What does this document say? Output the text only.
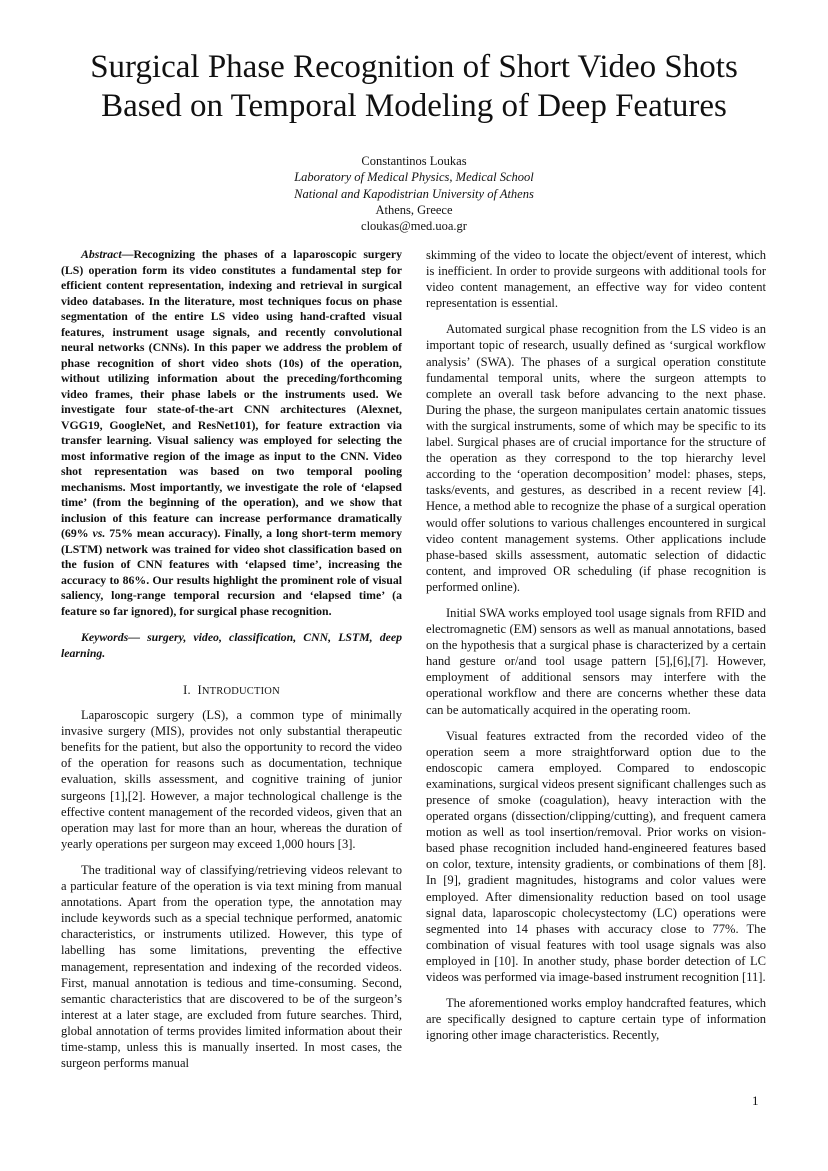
Surgical Phase Recognition of Short Video Shots
Based on Temporal Modeling of Deep Features
Constantinos Loukas
Laboratory of Medical Physics, Medical School
National and Kapodistrian University of Athens
Athens, Greece
cloukas@med.uoa.gr

Abstract—Recognizing the phases of a laparoscopic surgery (LS) operation form its video constitutes a fundamental step for efficient content representation, indexing and retrieval in surgical video databases. In the literature, most techniques focus on phase segmentation of the entire LS video using hand-crafted visual features, instrument usage signals, and recently convolutional neural networks (CNNs). In this paper we address the problem of phase recognition of short video shots (10s) of the operation, without utilizing information about the preceding/forthcoming video frames, their phase labels or the instruments used. We investigate four state-of-the-art CNN architectures (Alexnet, VGG19, GoogleNet, and ResNet101), for feature extraction via transfer learning. Visual saliency was employed for selecting the most informative region of the image as input to the CNN. Video shot representation was based on two temporal pooling mechanisms. Most importantly, we investigate the role of ‘elapsed time’ (from the beginning of the operation), and we show that inclusion of this feature can increase performance dramatically (69% vs. 75% mean accuracy). Finally, a long short-term memory (LSTM) network was trained for video shot classification based on the fusion of CNN features with ‘elapsed time’, increasing the accuracy to 86%. Our results highlight the prominent role of visual saliency, long-range temporal recursion and ‘elapsed time’ (a feature so far ignored), for surgical phase recognition.

Keywords— surgery, video, classification, CNN, LSTM, deep learning.

I. INTRODUCTION

Laparoscopic surgery (LS), a common type of minimally invasive surgery (MIS), provides not only substantial therapeutic benefits for the patient, but also the opportunity to record the video of the operation for reasons such as documentation, technique evaluation, skills assessment, and cognitive training of junior surgeons [1],[2]. However, a major technological challenge is the effective content management of the recorded videos, given that an operation may last for more than an hour, whereas the duration of yearly operations per surgeon may exceed 1,000 hours [3].

The traditional way of classifying/retrieving videos relevant to a particular feature of the operation is via text mining from manual annotations. Apart from the operation type, the annotation may include keywords such as a special technique performed, anatomic characteristics, or instruments utilized. However, this type of labelling has some limitations, preventing the effective management, representation and indexing of the recorded videos. First, manual annotation is tedious and time-consuming. Second, semantic characteristics that are discovered to be of the surgeon’s interest at a later stage, are excluded from future searches. Third, global annotation of terms provides limited information about their time-stamp, unless this is manually inserted. In most cases, the surgeon performs manual

skimming of the video to locate the object/event of interest, which is inefficient. In order to provide surgeons with additional tools for video content management, an effective way for video content representation is essential.

Automated surgical phase recognition from the LS video is an important topic of research, usually defined as ‘surgical workflow analysis’ (SWA). The phases of a surgical operation constitute fundamental temporal units, where the surgeon attempts to complete an overall task before advancing to the next phase. During the phase, the surgeon manipulates certain anatomic tissues with the surgical instruments, some of which may be specific to its label. Surgical phases are of crucial importance for the structure of the operation as they correspond to the top hierarchy level according to the ‘operation decomposition’ model: phases, steps, tasks/events, and gestures, as described in a recent review [4]. Hence, a method able to recognize the phase of a surgical operation would offer solutions to various challenges encountered in surgical video content management systems. Other applications include phase-based skills assessment, automatic selection of didactic content, and improved OR scheduling (if phase recognition is performed online).

Initial SWA works employed tool usage signals from RFID and electromagnetic (EM) sensors as well as manual annotations, based on the hypothesis that a surgical phase is characterized by a certain hand gesture or/and tool usage pattern [5],[6],[7]. However, employment of additional sensors may interfere with the operational workflow and there are concerns whether these data can be automatically acquired in the operating room.

Visual features extracted from the recorded video of the operation seem a more straightforward option due to the endoscopic camera employed. Compared to endoscopic examinations, surgical videos present significant challenges such as presence of smoke (coagulation), heavy interaction with the operated organs (dissection/clipping/cutting), and frequent camera motion as well as tool insertion/removal. Prior works on vision-based phase recognition included hand-engineered features based on color, texture, intensity gradients, or combinations of them [8]. In [9], gradient magnitudes, histograms and color values were employed. After dimensionality reduction based on tool usage signal data, laparoscopic cholecystectomy (LC) operations were segmented into 14 phases with accuracy close to 77%. The combination of visual features with tool usage signals was also employed in [10]. In another study, phase border detection of LC videos was performed via image-based instrument recognition [11].

The aforementioned works employ handcrafted features, which are specifically designed to capture certain type of information ignoring other image characteristics. Recently,

1
